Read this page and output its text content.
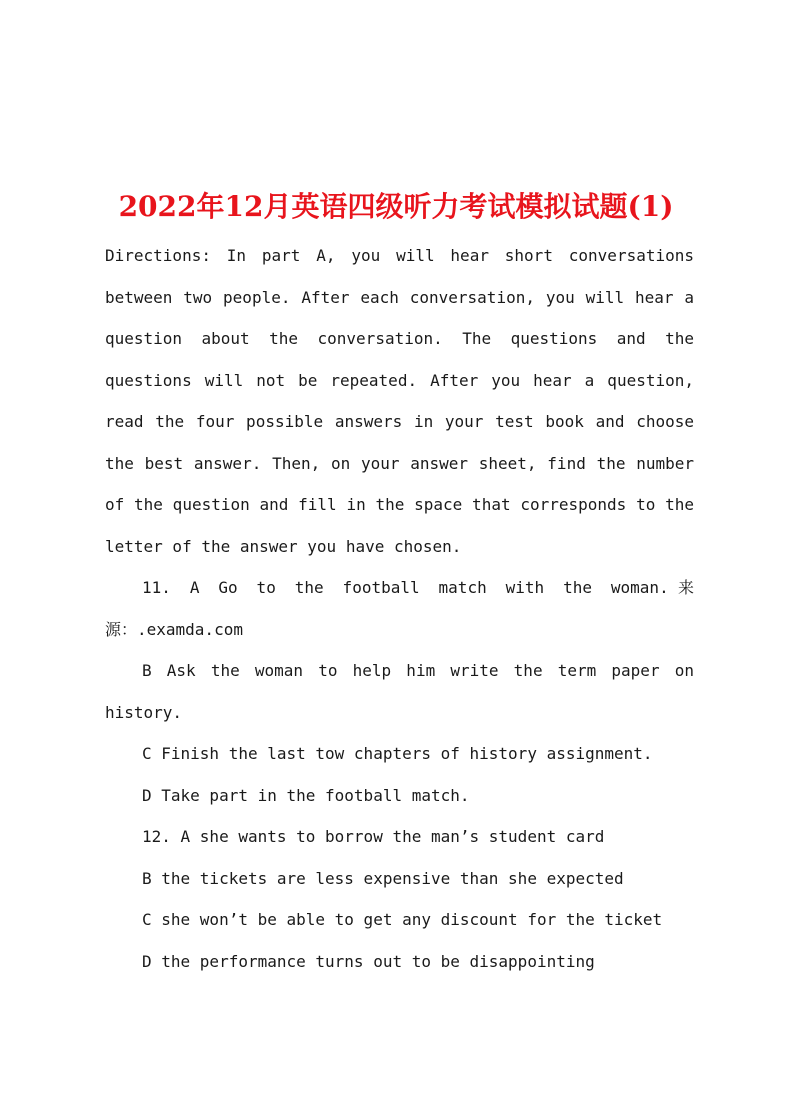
2022年12月英语四级听力考试模拟试题(1)

Directions: In part A, you will hear short conversations between two people. After each conversation, you will hear a question about the conversation. The questions and the questions will not be repeated. After you hear a question, read the four possible answers in your test book and choose the best answer. Then, on your answer sheet, find the number of the question and fill in the space that corresponds to the letter of the answer you have chosen.

11. A Go to the football match with the woman.来源：.examda.com

B Ask the woman to help him write the term paper on history.

C Finish the last tow chapters of history assignment.

D Take part in the football match.

12. A she wants to borrow the man’s student card

B the tickets are less expensive than she expected

C she won’t be able to get any discount for the ticket

D the performance turns out to be disappointing
